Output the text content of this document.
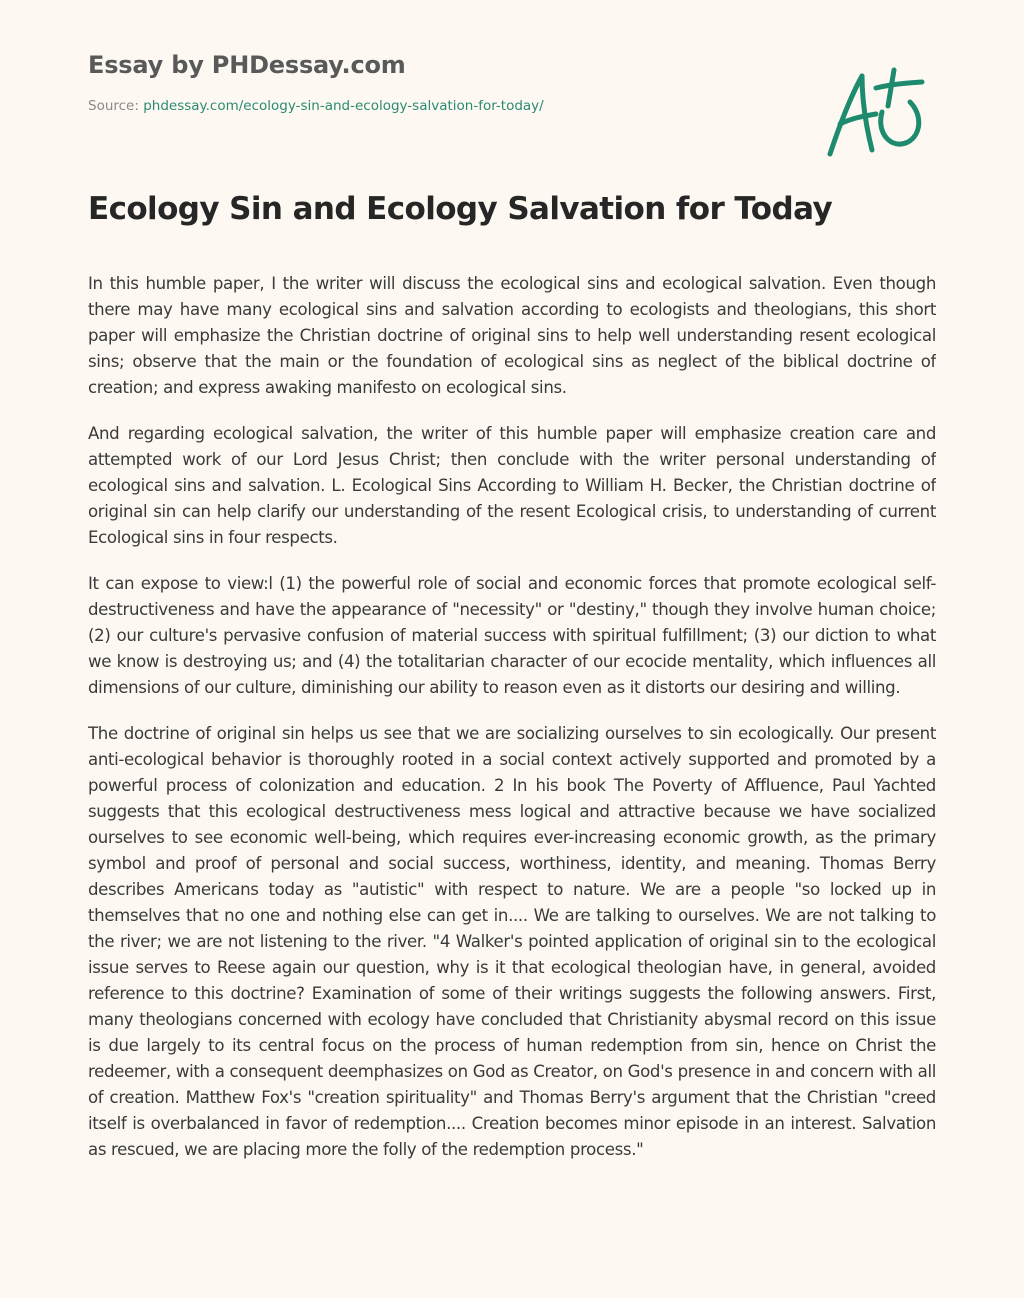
Essay by PHDessay.com
Source: phdessay.com/ecology-sin-and-ecology-salvation-for-today/
Ecology Sin and Ecology Salvation for Today

In this humble paper, I the writer will discuss the ecological sins and ecological salvation. Even though there may have many ecological sins and salvation according to ecologists and theologians, this short paper will emphasize the Christian doctrine of original sins to help well understanding resent ecological sins; observe that the main or the foundation of ecological sins as neglect of the biblical doctrine of creation; and express awaking manifesto on ecological sins.

And regarding ecological salvation, the writer of this humble paper will emphasize creation care and attempted work of our Lord Jesus Christ; then conclude with the writer personal understanding of ecological sins and salvation. L. Ecological Sins According to William H. Becker, the Christian doctrine of original sin can help clarify our understanding of the resent Ecological crisis, to understanding of current Ecological sins in four respects.

It can expose to view:l (1) the powerful role of social and economic forces that promote ecological self-destructiveness and have the appearance of "necessity" or "destiny," though they involve human choice; (2) our culture's pervasive confusion of material success with spiritual fulfillment; (3) our diction to what we know is destroying us; and (4) the totalitarian character of our ecocide mentality, which influences all dimensions of our culture, diminishing our ability to reason even as it distorts our desiring and willing.

The doctrine of original sin helps us see that we are socializing ourselves to sin ecologically. Our present anti-ecological behavior is thoroughly rooted in a social context actively supported and promoted by a powerful process of colonization and education. 2 In his book The Poverty of Affluence, Paul Yachted suggests that this ecological destructiveness mess logical and attractive because we have socialized ourselves to see economic well-being, which requires ever-increasing economic growth, as the primary symbol and proof of personal and social success, worthiness, identity, and meaning. Thomas Berry describes Americans today as "autistic" with respect to nature. We are a people "so locked up in themselves that no one and nothing else can get in.... We are talking to ourselves. We are not talking to the river; we are not listening to the river. "4 Walker's pointed application of original sin to the ecological issue serves to Reese again our question, why is it that ecological theologian have, in general, avoided reference to this doctrine? Examination of some of their writings suggests the following answers. First, many theologians concerned with ecology have concluded that Christianity abysmal record on this issue is due largely to its central focus on the process of human redemption from sin, hence on Christ the redeemer, with a consequent deemphasizes on God as Creator, on God's presence in and concern with all of creation. Matthew Fox's "creation spirituality" and Thomas Berry's argument that the Christian "creed itself is overbalanced in favor of redemption.... Creation becomes minor episode in an interest. Salvation as rescued, we are placing more the folly of the redemption process."
